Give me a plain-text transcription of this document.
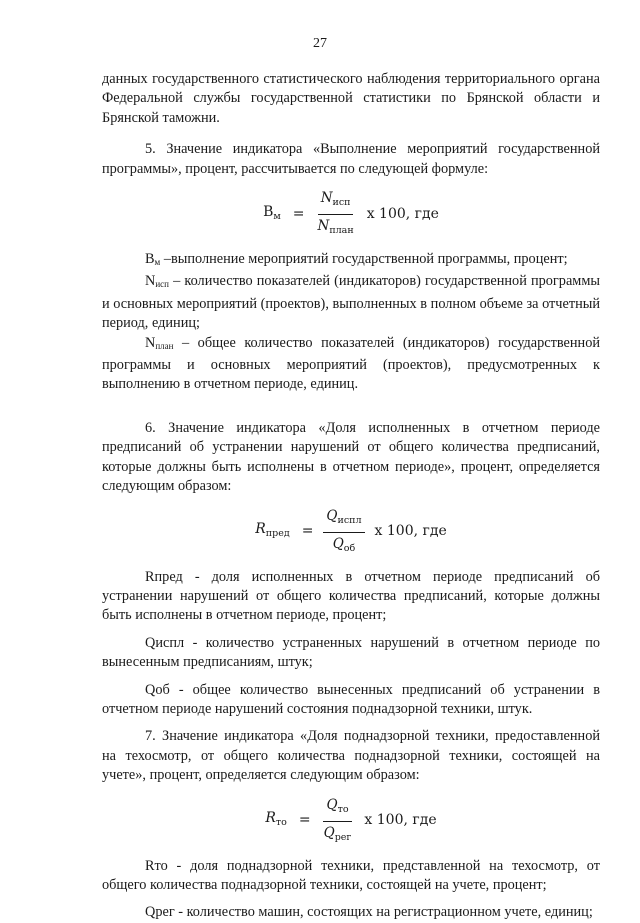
27

данных государственного статистического наблюдения территориального органа Федеральной службы государственной статистики по Брянской области и Брянской таможни.

5. Значение индикатора «Выполнение мероприятий государственной программы», процент, рассчитывается по следующей формуле:

$В_м = \frac{N_{исп}}{N_{план}}$ x 100, где

Вм –выполнение мероприятий государственной программы, процент;

Nисп – количество показателей (индикаторов) государственной программы и основных мероприятий (проектов), выполненных в полном объеме за отчетный период, единиц;

Nплан – общее количество показателей (индикаторов) государственной программы и основных мероприятий (проектов), предусмотренных к выполнению в отчетном периоде, единиц.

6. Значение индикатора «Доля исполненных в отчетном периоде предписаний об устранении нарушений от общего количества предписаний, которые должны быть исполнены в отчетном периоде», процент, определяется следующим образом:

$R_{пред} = \frac{Q_{испл}}{Q_{об}}$ x 100, где

Rпред - доля исполненных в отчетном периоде предписаний об устранении нарушений от общего количества предписаний, которые должны быть исполнены в отчетном периоде, процент;

Qиспл - количество устраненных нарушений в отчетном периоде по вынесенным предписаниям, штук;

Qоб - общее количество вынесенных предписаний об устранении в отчетном периоде нарушений состояния поднадзорной техники, штук.

7. Значение индикатора «Доля поднадзорной техники, предоставленной на техосмотр, от общего количества поднадзорной техники, состоящей на учете», процент, определяется следующим образом:

$R_{то} = \frac{Q_{то}}{Q_{рег}}$ x 100, где

Rто - доля поднадзорной техники, представленной на техосмотр, от общего количества поднадзорной техники, состоящей на учете, процент;

Qрег - количество машин, состоящих на регистрационном учете, единиц;
